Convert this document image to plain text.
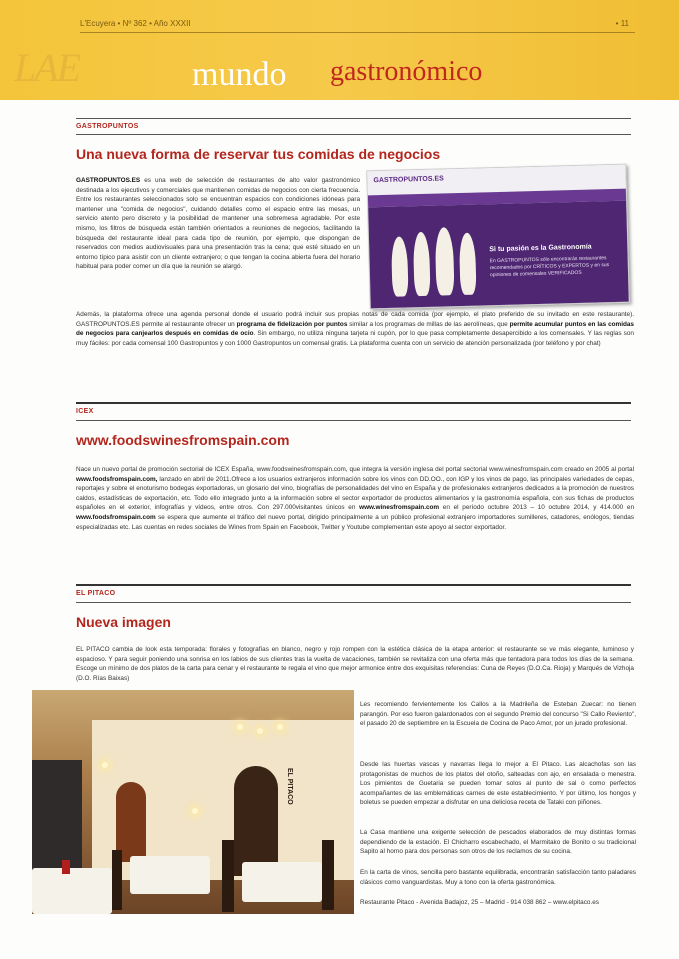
L'Ecuyera • Nº 362 • Año XXXII	• 11
LAE	mundo gastronómico
GASTROPUNTOS
Una nueva forma de reservar tus comidas de negocios
GASTROPUNTOS.ES es una web de selección de restaurantes de alto valor gastronómico destinada a los ejecutivos y comerciales que mantienen comidas de negocios con cierta frecuencia. Entre los restaurantes seleccionados solo se encuentran espacios con condiciones idóneas para mantener una "comida de negocios", cuidando detalles como el espacio entre las mesas, un servicio atento pero discreto y la posibilidad de mantener una sobremesa agradable. Por este mismo, los filtros de búsqueda están también orientados a reuniones de negocios, facilitando la búsqueda del restaurante ideal para cada tipo de reunión, por ejemplo, que dispongan de reservados con medios audiovisuales para una presentación tras la cena; que esté situado en un entorno típico para asistir con un cliente extranjero; o que tengan la cocina abierta fuera del horario habitual para poder comer un día que la reunión se alargó.
GASTROPUNTOS.ES
Si tu pasión es la Gastronomía
En GASTROPUNTOS sólo encontrarás restaurantes recomendados por CRÍTICOS y EXPERTOS y en sus opiniones de comensales VERIFICADOS
Además, la plataforma ofrece una agenda personal donde el usuario podrá incluir sus propias notas de cada comida (por ejemplo, el plato preferido de su invitado en este restaurante). GASTROPUNTOS.ES permite al restaurante ofrecer un programa de fidelización por puntos similar a los programas de millas de las aerolíneas, que permite acumular puntos en las comidas de negocios para canjearlos después en comidas de ocio. Sin embargo, no utiliza ninguna tarjeta ni cupón, por lo que pasa completamente desapercibido a los comensales. Y las reglas son muy fáciles: por cada comensal 100 Gastropuntos y con 1000 Gastropuntos un comensal gratis. La plataforma cuenta con un servicio de atención personalizada (por teléfono y por chat)
ICEX
www.foodswinesfromspain.com
Nace un nuevo portal de promoción sectorial de ICEX España, www.foodswinesfromspain.com, que integra la versión inglesa del portal sectorial www.winesfromspain.com creado en 2005 al portal www.foodsfromspain.com, lanzado en abril de 2011.Ofrece a los usuarios extranjeros información sobre los vinos con DD.OO., con IGP y los vinos de pago, las principales variedades de cepas, reportajes y sobre el enoturismo bodegas exportadoras, un glosario del vino, biografías de personalidades del vino en España y de profesionales extranjeros dedicados a la promoción de nuestros caldos, estadísticas de exportación, etc. Todo ello integrado junto a la información sobre el sector exportador de productos alimentarios y la gastronomía española, con sus fichas de productos españoles en el exterior, infografías y vídeos, entre otros. Con 297.000visitantes únicos en www.winesfromspain.com en el período octubre 2013 – 10 octubre 2014, y 414.000 en www.foodsfromspain.com se espera que aumente el tráfico del nuevo portal, dirigido principalmente a un público profesional extranjero importadores sumilleres, catadores, enólogos, tiendas especializadas etc. Las cuentas en redes sociales de Wines from Spain en Facebook, Twitter y Youtube complementan este apoyo al sector exportador.
EL PITACO
Nueva imagen
EL PITACO cambia de look esta temporada: florales y fotografías en blanco, negro y rojo rompen con la estética clásica de la etapa anterior: el restaurante se ve más elegante, luminoso y espacioso. Y para seguir poniendo una sonrisa en los labios de sus clientes tras la vuelta de vacaciones, también se revitaliza con una oferta más que tentadora para todos los días de la semana. Escoge un mínimo de dos platos de la carta para cenar y el restaurante te regala el vino que mejor armonice entre dos exquisitas referencias: Cuna de Reyes (D.O.Ca. Rioja) y Marqués de Vizhoja (D.O. Rías Baixas)
EL PITACO
Les recomiendo fervientemente los Callos a la Madrileña de Esteban Zuecar: no tienen parangón. Por eso fueron galardonados con el segundo Premio del concurso "Si Callo Reviento", el pasado 20 de septiembre en la Escuela de Cocina de Paco Amor, por un jurado profesional.
Desde las huertas vascas y navarras llega lo mejor a El Pitaco. Las alcachofas son las protagonistas de muchos de los platos del otoño, salteadas con ajo, en ensalada o menestra. Los pimientos de Guetaria se pueden tomar solos al punto de sal o como perfectos acompañantes de las emblemáticas carnes de este establecimiento. Y por último, los hongos y boletus se pueden empezar a disfrutar en una deliciosa receta de Tataki con piñones.
La Casa mantiene una exigente selección de pescados elaborados de muy distintas formas dependiendo de la estación. El Chicharro escabechado, el Marmitako de Bonito o su tradicional Sapito al horno para dos personas son otros de los reclamos de su cocina.
En la carta de vinos, sencilla pero bastante equilibrada, encontrarán satisfacción tanto paladares clásicos como vanguardistas. Muy a tono con la oferta gastronómica.
Restaurante Pitaco - Avenida Badajoz, 25 – Madrid - 914 038 862 – www.elpitaco.es
